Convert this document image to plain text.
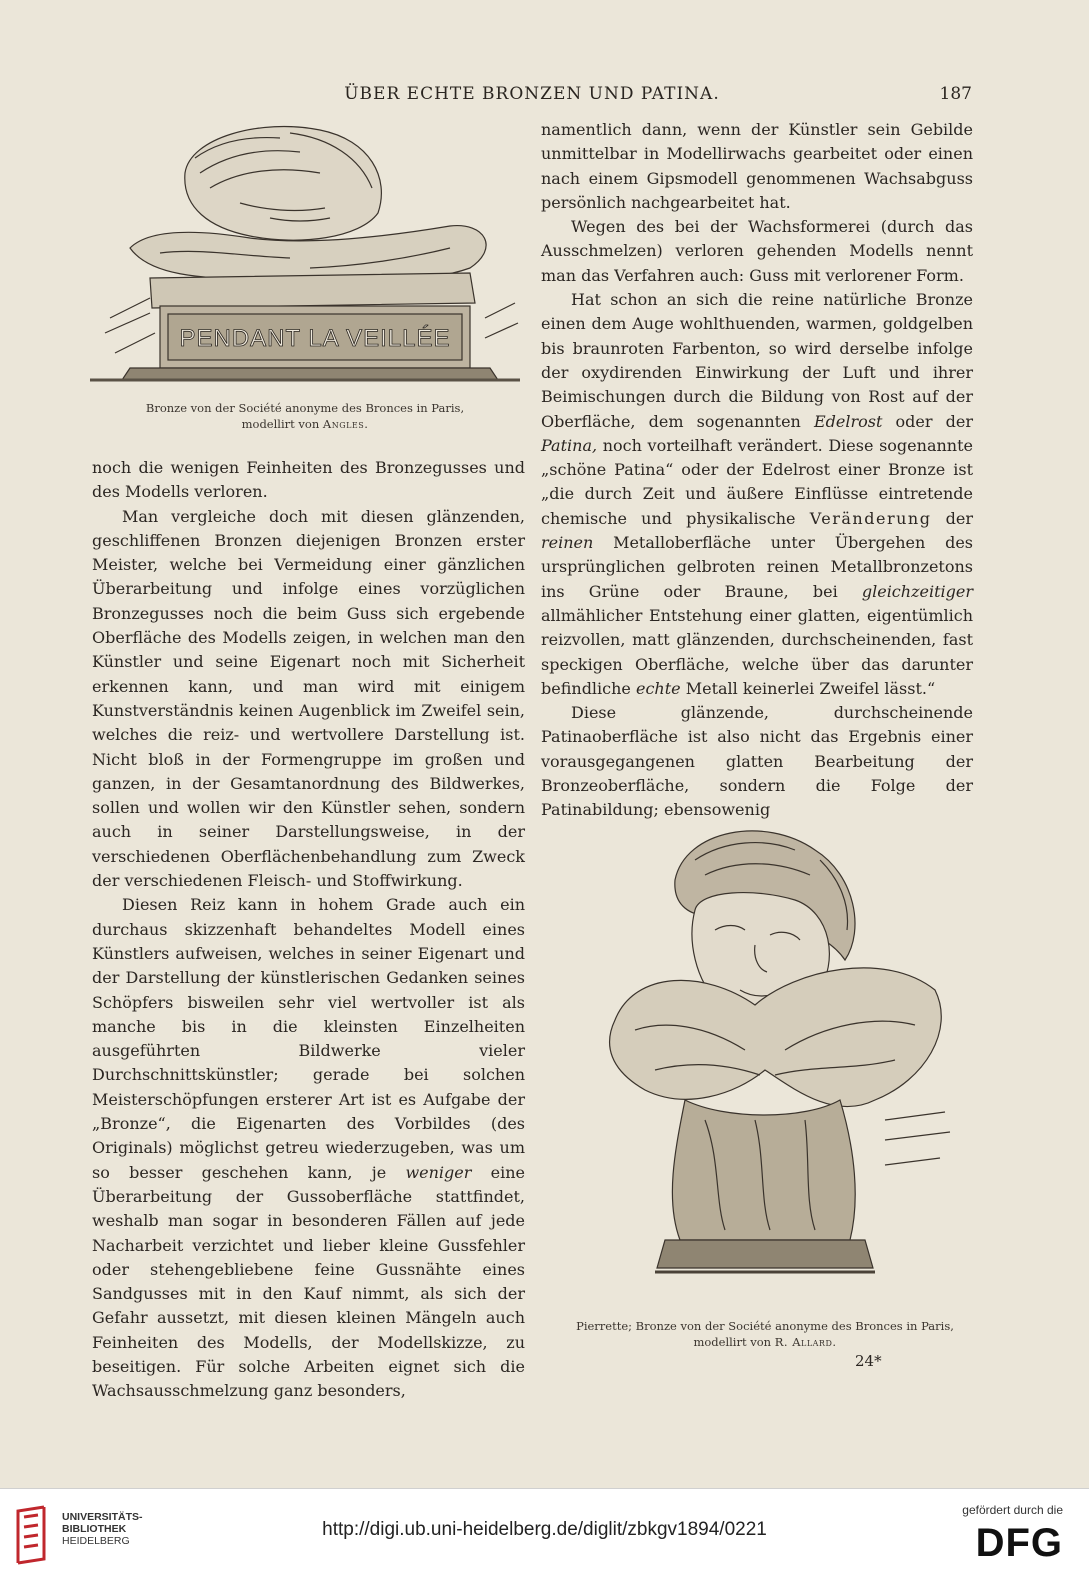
ÜBER ECHTE BRONZEN UND PATINA.	187
PENDANT LA VEILLÉE
Bronze von der Société anonyme des Bronces in Paris,
modellirt von Angles.

namentlich dann, wenn der Künstler sein Gebilde unmittelbar in Modellirwachs gearbeitet oder einen nach einem Gipsmodell genommenen Wachsabguss persönlich nachgearbeitet hat.

Wegen des bei der Wachsformerei (durch das Ausschmelzen) verloren gehenden Modells nennt man das Verfahren auch: Guss mit verlorener Form.

Hat schon an sich die reine natürliche Bronze einen dem Auge wohlthuenden, warmen, goldgelben bis braunroten Farbenton, so wird derselbe infolge der oxydirenden Einwirkung der Luft und ihrer Beimischungen durch die Bildung von Rost auf der Oberfläche, dem sogenannten Edelrost oder der Patina, noch vorteilhaft verändert. Diese sogenannte „schöne Patina“ oder der Edelrost einer Bronze ist „die durch Zeit und äußere Einflüsse eintretende chemische und physikalische Veränderung der reinen Metalloberfläche unter Übergehen des ursprünglichen gelbroten reinen Metallbronzetons ins Grüne oder Braune, bei gleichzeitiger allmählicher Entstehung einer glatten, eigentümlich reizvollen, matt glänzenden, durchscheinenden, fast speckigen Oberfläche, welche über das darunter befindliche echte Metall keinerlei Zweifel lässt.“

Diese glänzende, durchscheinende Patinaoberfläche ist also nicht das Ergebnis einer vorausgegangenen glatten Bearbeitung der Bronzeoberfläche, sondern die Folge der Patinabildung; ebensowenig

noch die wenigen Feinheiten des Bronzegusses und des Modells verloren.

Man vergleiche doch mit diesen glänzenden, geschliffenen Bronzen diejenigen Bronzen erster Meister, welche bei Vermeidung einer gänzlichen Überarbeitung und infolge eines vorzüglichen Bronzegusses noch die beim Guss sich ergebende Oberfläche des Modells zeigen, in welchen man den Künstler und seine Eigenart noch mit Sicherheit erkennen kann, und man wird mit einigem Kunstverständnis keinen Augenblick im Zweifel sein, welches die reiz- und wertvollere Darstellung ist. Nicht bloß in der Formengruppe im großen und ganzen, in der Gesamtanordnung des Bildwerkes, sollen und wollen wir den Künstler sehen, sondern auch in seiner Darstellungsweise, in der verschiedenen Oberflächenbehandlung zum Zweck der verschiedenen Fleisch- und Stoffwirkung.

Diesen Reiz kann in hohem Grade auch ein durchaus skizzenhaft behandeltes Modell eines Künstlers aufweisen, welches in seiner Eigenart und der Darstellung der künstlerischen Gedanken seines Schöpfers bisweilen sehr viel wertvoller ist als manche bis in die kleinsten Einzelheiten ausgeführten Bildwerke vieler Durchschnittskünstler; gerade bei solchen Meisterschöpfungen ersterer Art ist es Aufgabe der „Bronze“, die Eigenarten des Vorbildes (des Originals) möglichst getreu wiederzugeben, was um so besser geschehen kann, je weniger eine Überarbeitung der Gussoberfläche stattfindet, weshalb man sogar in besonderen Fällen auf jede Nacharbeit verzichtet und lieber kleine Gussfehler oder stehengebliebene feine Gussnähte eines Sandgusses mit in den Kauf nimmt, als sich der Gefahr aussetzt, mit diesen kleinen Mängeln auch Feinheiten des Modells, der Modellskizze, zu beseitigen. Für solche Arbeiten eignet sich die Wachsausschmelzung ganz besonders,

Pierrette; Bronze von der Société anonyme des Bronces in Paris,
modellirt von R. Allard.
24*
UNIVERSITÄTS-
BIBLIOTHEK
HEIDELBERG
http://digi.ub.uni-heidelberg.de/diglit/zbkgv1894/0221
gefördert durch die
DFG
